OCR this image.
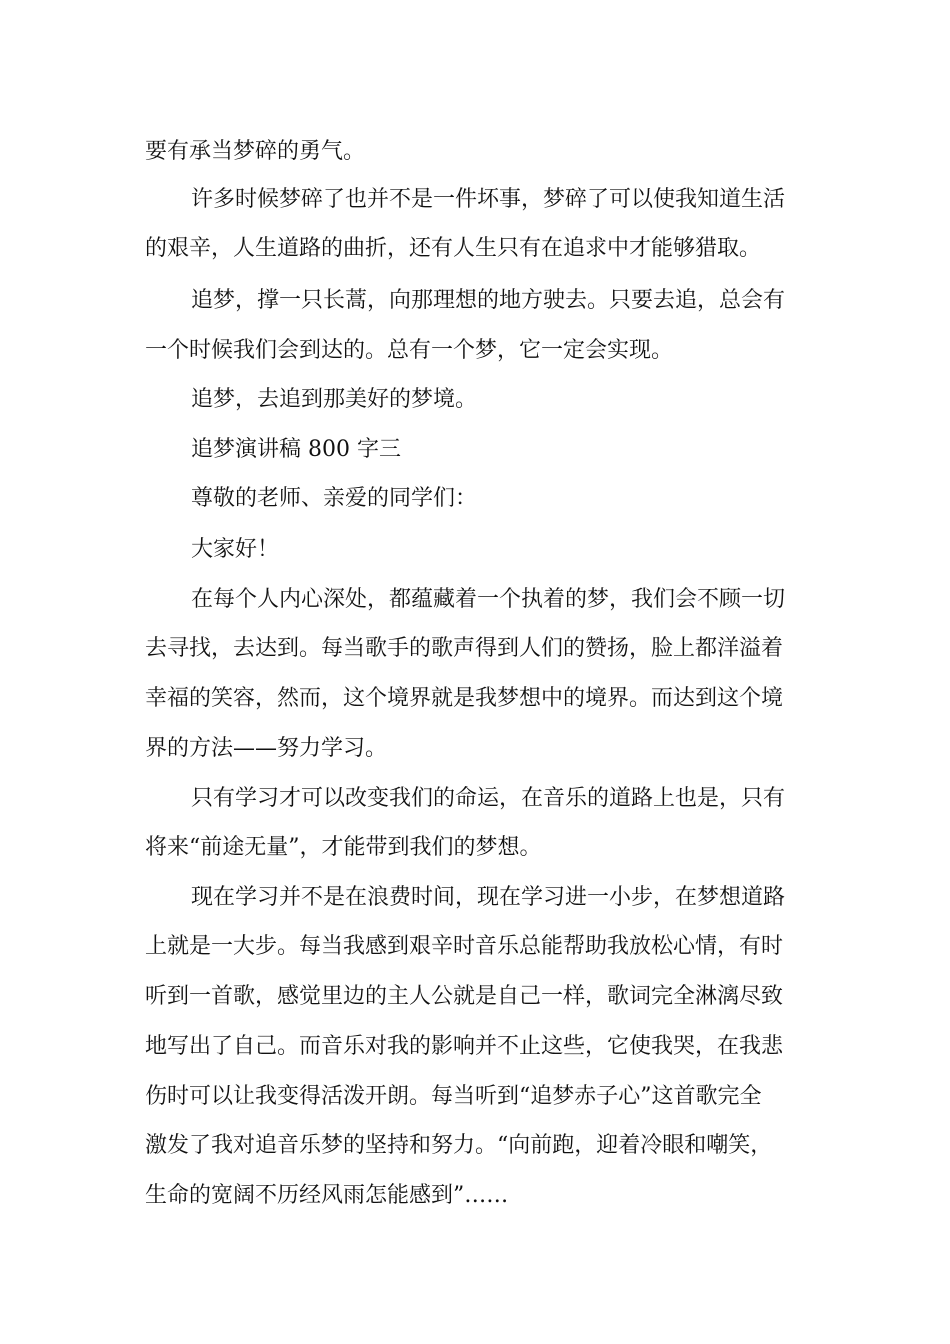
要有承当梦碎的勇气。
许多时候梦碎了也并不是一件坏事，梦碎了可以使我知道生活
的艰辛，人生道路的曲折，还有人生只有在追求中才能够猎取。
追梦，撑一只长蒿，向那理想的地方驶去。只要去追，总会有
一个时候我们会到达的。总有一个梦，它一定会实现。
追梦，去追到那美好的梦境。
追梦演讲稿 800 字三
尊敬的老师、亲爱的同学们：
大家好！
在每个人内心深处，都蕴藏着一个执着的梦，我们会不顾一切
去寻找，去达到。每当歌手的歌声得到人们的赞扬，脸上都洋溢着
幸福的笑容，然而，这个境界就是我梦想中的境界。而达到这个境
界的方法——努力学习。
只有学习才可以改变我们的命运，在音乐的道路上也是，只有
将来“前途无量”，才能带到我们的梦想。
现在学习并不是在浪费时间，现在学习进一小步，在梦想道路
上就是一大步。每当我感到艰辛时音乐总能帮助我放松心情，有时
听到一首歌，感觉里边的主人公就是自己一样，歌词完全淋漓尽致
地写出了自己。而音乐对我的影响并不止这些，它使我哭，在我悲
伤时可以让我变得活泼开朗。每当听到“追梦赤子心”这首歌完全
激发了我对追音乐梦的坚持和努力。“向前跑，迎着冷眼和嘲笑，
生命的宽阔不历经风雨怎能感到”……
